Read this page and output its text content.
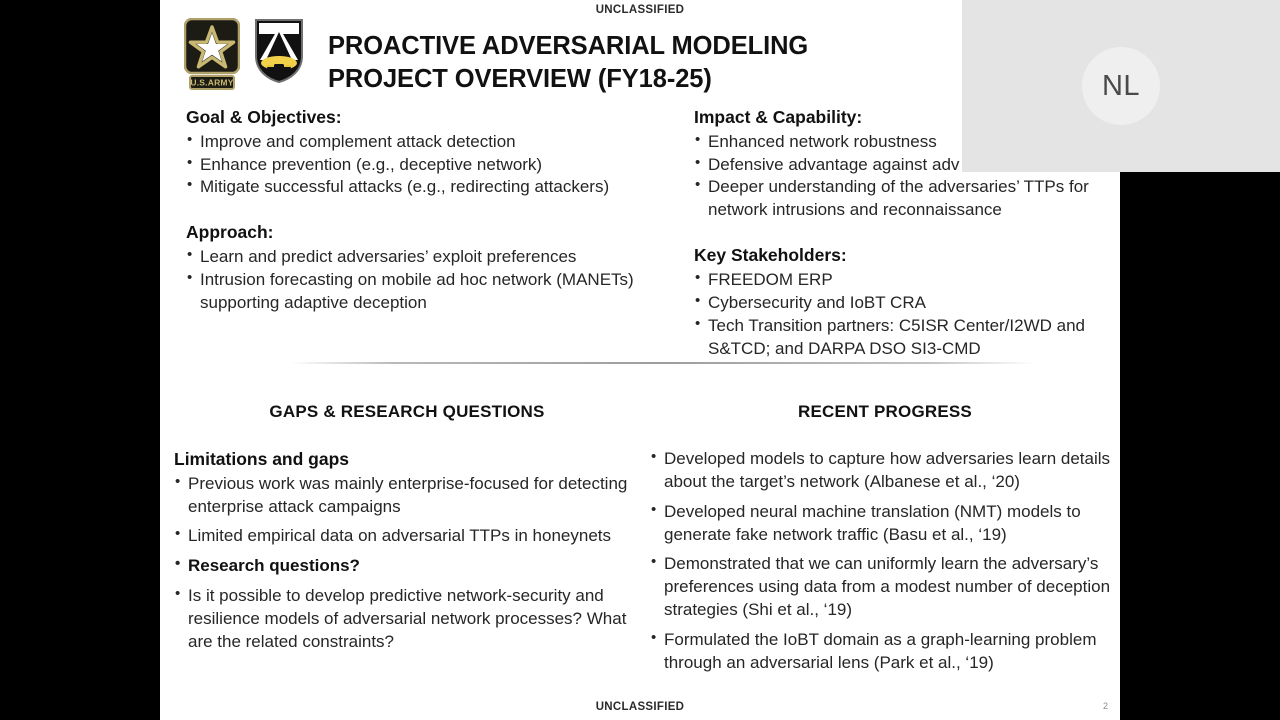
UNCLASSIFIED
U.S.ARMY
PROACTIVE ADVERSARIAL MODELING
PROJECT OVERVIEW (FY18-25)
Goal & Objectives:
• Improve and complement attack detection
• Enhance prevention (e.g., deceptive network)
• Mitigate successful attacks (e.g., redirecting attackers)
Approach:
• Learn and predict adversaries’ exploit preferences
• Intrusion forecasting on mobile ad hoc network (MANETs) supporting adaptive deception
Impact & Capability:
• Enhanced network robustness
• Defensive advantage against adv
• Deeper understanding of the adversaries’ TTPs for network intrusions and reconnaissance
Key Stakeholders:
• FREEDOM ERP
• Cybersecurity and IoBT CRA
• Tech Transition partners: C5ISR Center/I2WD and S&TCD; and DARPA DSO SI3-CMD
GAPS & RESEARCH QUESTIONS
Limitations and gaps
• Previous work was mainly enterprise-focused for detecting enterprise attack campaigns
• Limited empirical data on adversarial TTPs in honeynets
• Research questions?
• Is it possible to develop predictive network-security and resilience models of adversarial network processes? What are the related constraints?
RECENT PROGRESS
• Developed models to capture how adversaries learn details about the target’s network (Albanese et al., ‘20)
• Developed neural machine translation (NMT) models to generate fake network traffic (Basu et al., ‘19)
• Demonstrated that we can uniformly learn the adversary’s preferences using data from a modest number of deception strategies (Shi et al., ‘19)
• Formulated the IoBT domain as a graph-learning problem through an adversarial lens (Park et al., ‘19)
UNCLASSIFIED	2
NL
